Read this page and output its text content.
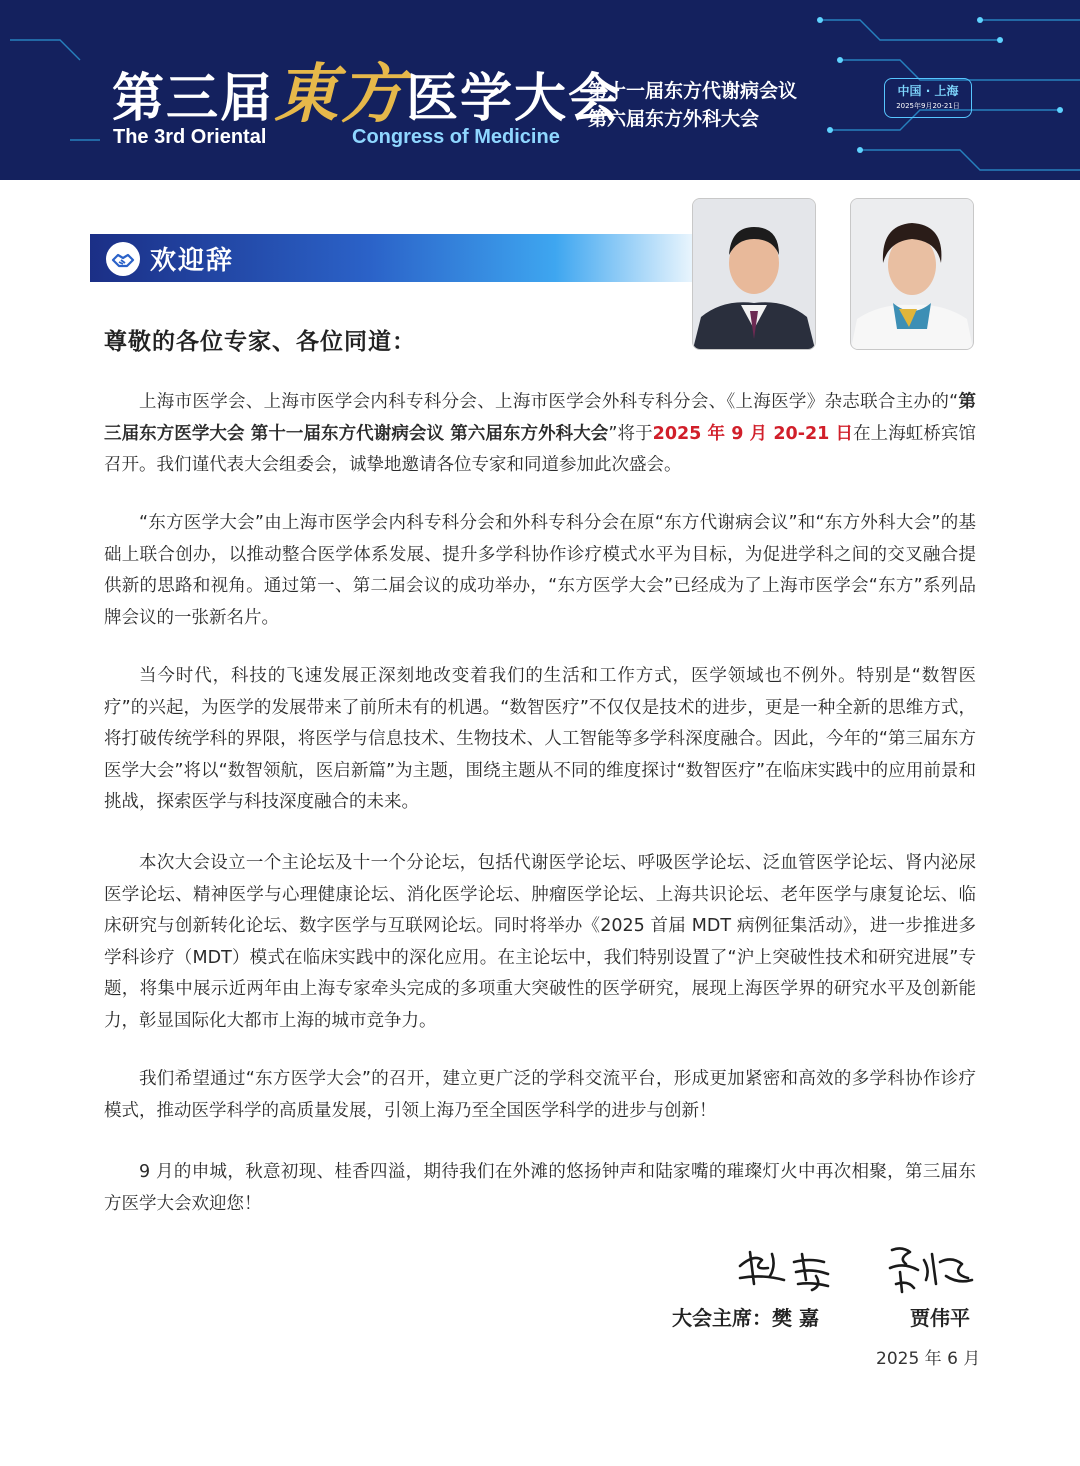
第三届東方医学大会
The 3rd Oriental	Congress of Medicine
第十一届东方代谢病会议
第六届东方外科大会
中国 · 上海
2025年9月20-21日
欢迎辞
尊敬的各位专家、各位同道：

上海市医学会、上海市医学会内科专科分会、上海市医学会外科专科分会、《上海医学》杂志联合主办的“第三届东方医学大会 第十一届东方代谢病会议 第六届东方外科大会”将于2025 年 9 月 20-21 日在上海虹桥宾馆召开。我们谨代表大会组委会，诚挚地邀请各位专家和同道参加此次盛会。

“东方医学大会”由上海市医学会内科专科分会和外科专科分会在原“东方代谢病会议”和“东方外科大会”的基础上联合创办，以推动整合医学体系发展、提升多学科协作诊疗模式水平为目标，为促进学科之间的交叉融合提供新的思路和视角。通过第一、第二届会议的成功举办，“东方医学大会”已经成为了上海市医学会“东方”系列品牌会议的一张新名片。

当今时代，科技的飞速发展正深刻地改变着我们的生活和工作方式，医学领域也不例外。特别是“数智医疗”的兴起，为医学的发展带来了前所未有的机遇。“数智医疗”不仅仅是技术的进步，更是一种全新的思维方式，将打破传统学科的界限，将医学与信息技术、生物技术、人工智能等多学科深度融合。因此，今年的“第三届东方医学大会”将以“数智领航，医启新篇”为主题，围绕主题从不同的维度探讨“数智医疗”在临床实践中的应用前景和挑战，探索医学与科技深度融合的未来。

本次大会设立一个主论坛及十一个分论坛，包括代谢医学论坛、呼吸医学论坛、泛血管医学论坛、肾内泌尿医学论坛、精神医学与心理健康论坛、消化医学论坛、肿瘤医学论坛、上海共识论坛、老年医学与康复论坛、临床研究与创新转化论坛、数字医学与互联网论坛。同时将举办《2025 首届 MDT 病例征集活动》，进一步推进多学科诊疗（MDT）模式在临床实践中的深化应用。在主论坛中，我们特别设置了“沪上突破性技术和研究进展”专题，将集中展示近两年由上海专家牵头完成的多项重大突破性的医学研究，展现上海医学界的研究水平及创新能力，彰显国际化大都市上海的城市竞争力。

我们希望通过“东方医学大会”的召开，建立更广泛的学科交流平台，形成更加紧密和高效的多学科协作诊疗模式，推动医学科学的高质量发展，引领上海乃至全国医学科学的进步与创新！

9 月的申城，秋意初现、桂香四溢，期待我们在外滩的悠扬钟声和陆家嘴的璀璨灯火中再次相聚，第三届东方医学大会欢迎您！

大会主席：樊 嘉	贾伟平
2025 年 6 月
